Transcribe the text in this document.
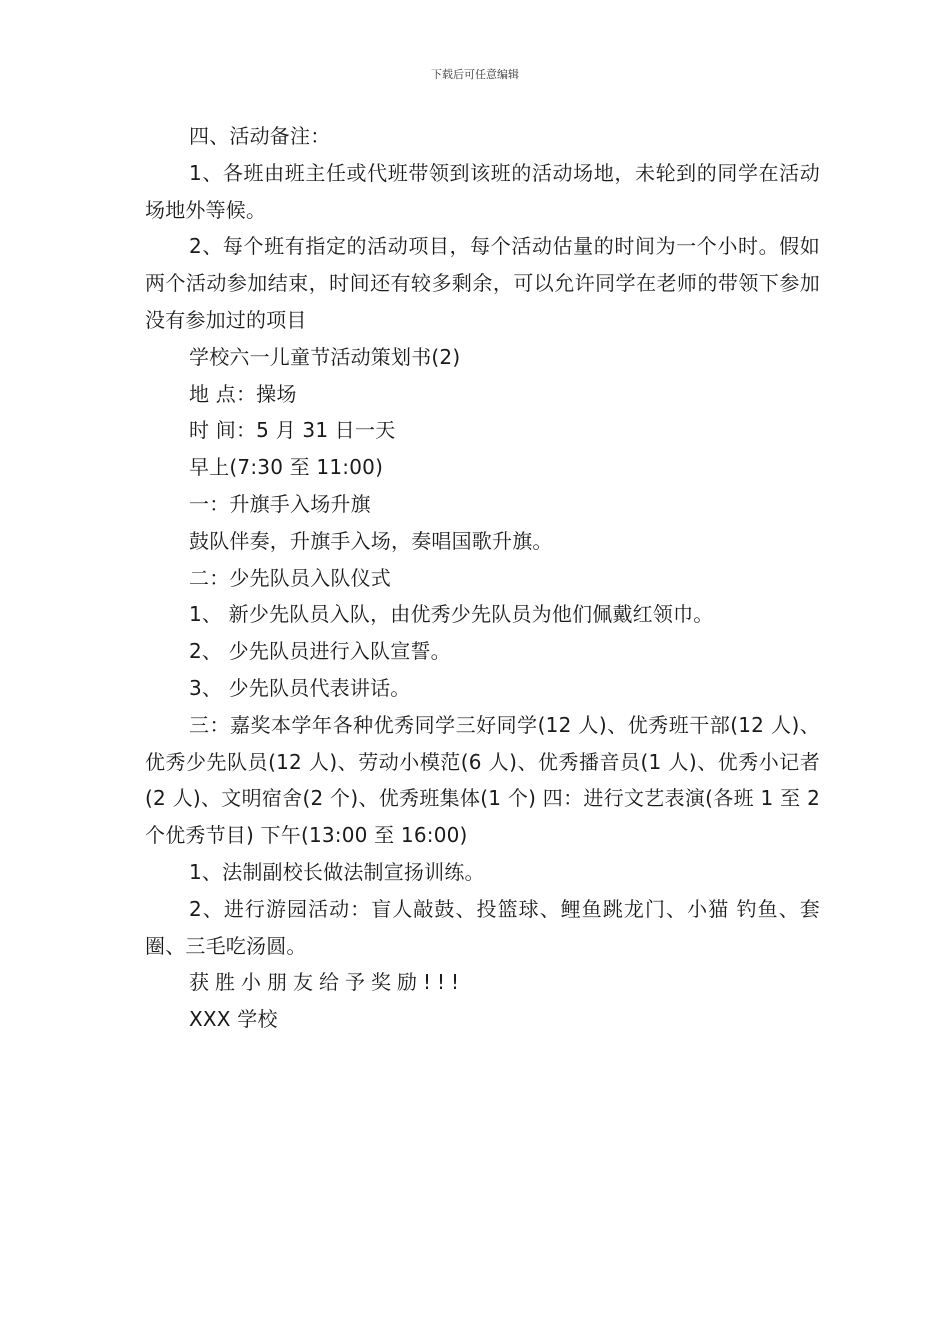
下载后可任意编辑

四、活动备注：

1、各班由班主任或代班带领到该班的活动场地，未轮到的同学在活动场地外等候。

2、每个班有指定的活动项目，每个活动估量的时间为一个小时。假如两个活动参加结束，时间还有较多剩余，可以允许同学在老师的带领下参加没有参加过的项目

学校六一儿童节活动策划书(2)

地 点：操场

时 间：5 月 31 日一天

早上(7:30 至 11:00)

一：升旗手入场升旗

鼓队伴奏，升旗手入场，奏唱国歌升旗。

二：少先队员入队仪式

1、 新少先队员入队，由优秀少先队员为他们佩戴红领巾。

2、 少先队员进行入队宣誓。

3、 少先队员代表讲话。

三：嘉奖本学年各种优秀同学三好同学(12 人)、优秀班干部(12 人)、优秀少先队员(12 人)、劳动小模范(6 人)、优秀播音员(1 人)、优秀小记者(2 人)、文明宿舍(2 个)、优秀班集体(1 个) 四：进行文艺表演(各班 1 至 2 个优秀节目) 下午(13:00 至 16:00)

1、法制副校长做法制宣扬训练。

2、进行游园活动：盲人敲鼓、投篮球、鲤鱼跳龙门、小猫 钓鱼、套圈、三毛吃汤圆。

获胜小朋友给予奖励!!!

XXX 学校
